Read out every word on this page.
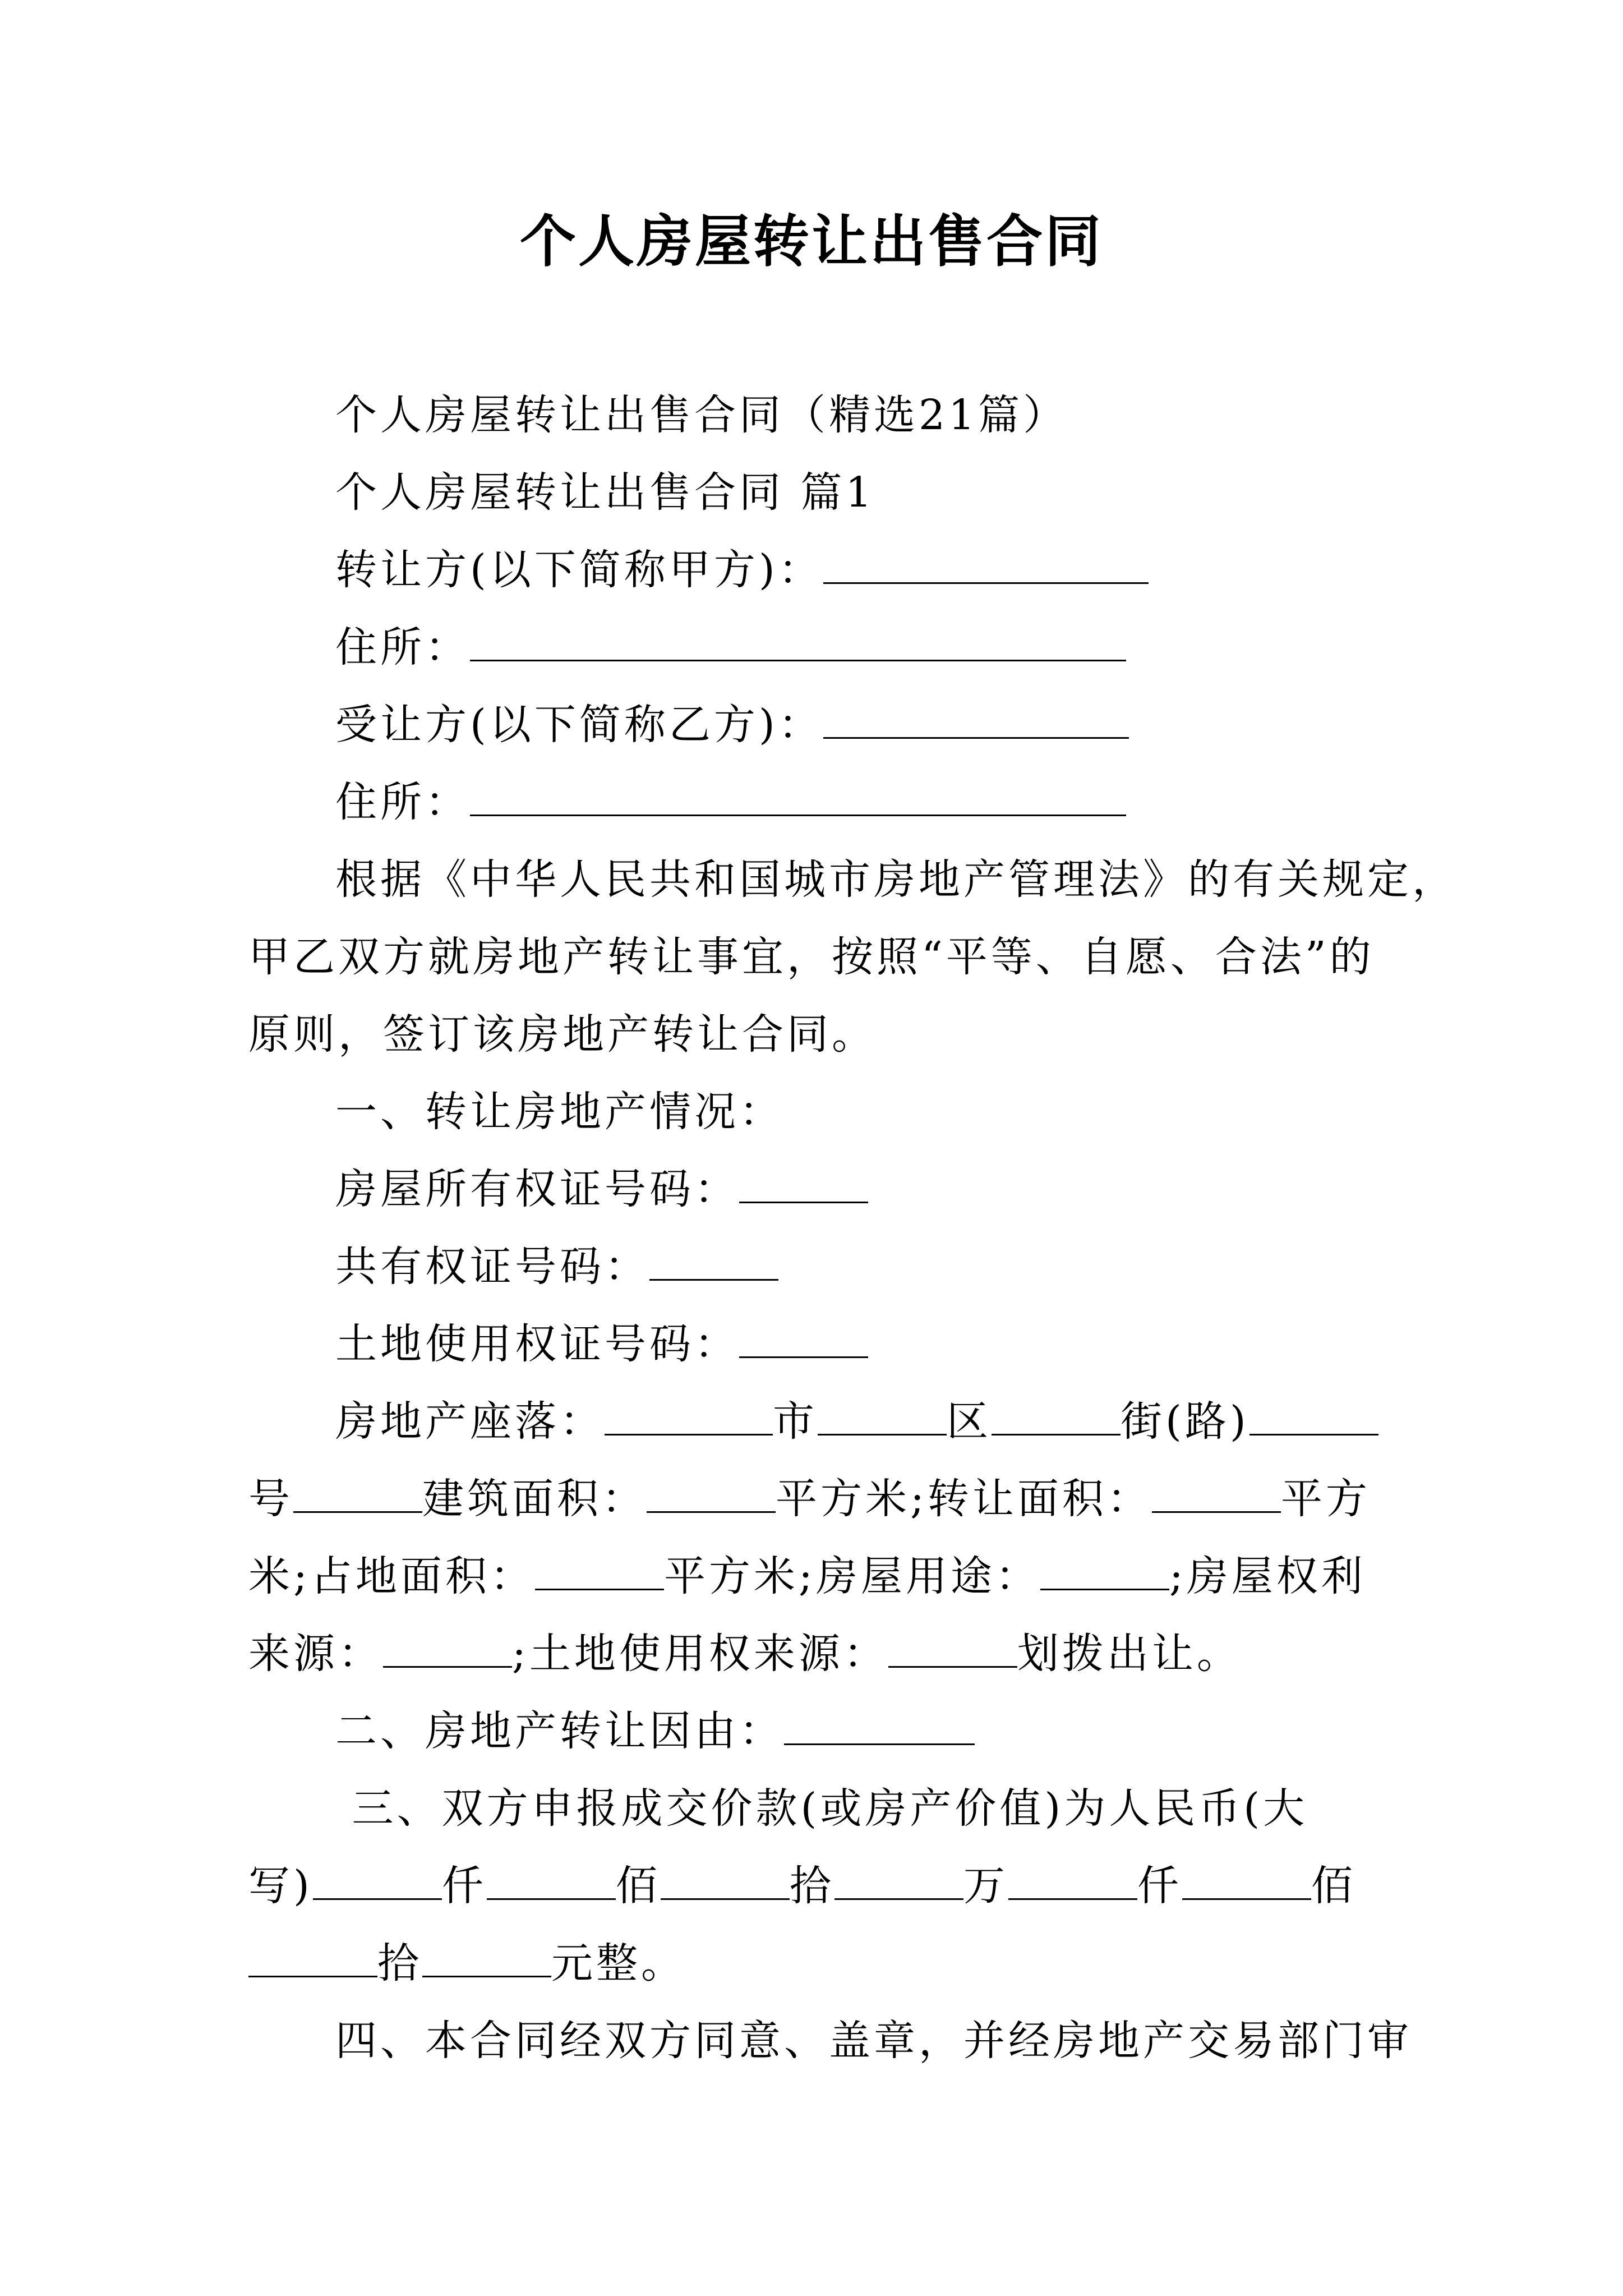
个人房屋转让出售合同
个人房屋转让出售合同（精选21篇）
个人房屋转让出售合同 篇1
转让方(以下简称甲方)：
住所：
受让方(以下简称乙方)：
住所：
根据《中华人民共和国城市房地产管理法》的有关规定，
甲乙双方就房地产转让事宜，按照“平等、自愿、合法”的
原则，签订该房地产转让合同。
一、转让房地产情况：
房屋所有权证号码：
共有权证号码：
土地使用权证号码：
房地产座落：	市	区	街(路)
号	建筑面积：	平方米;转让面积：	平方
米;占地面积：	平方米;房屋用途：	;房屋权利
来源：	;土地使用权来源：	划拨出让。
二、房地产转让因由：
三、双方申报成交价款(或房产价值)为人民币(大
写)	仟	佰	拾	万	仟	佰
拾	元整。
四、本合同经双方同意、盖章，并经房地产交易部门审
